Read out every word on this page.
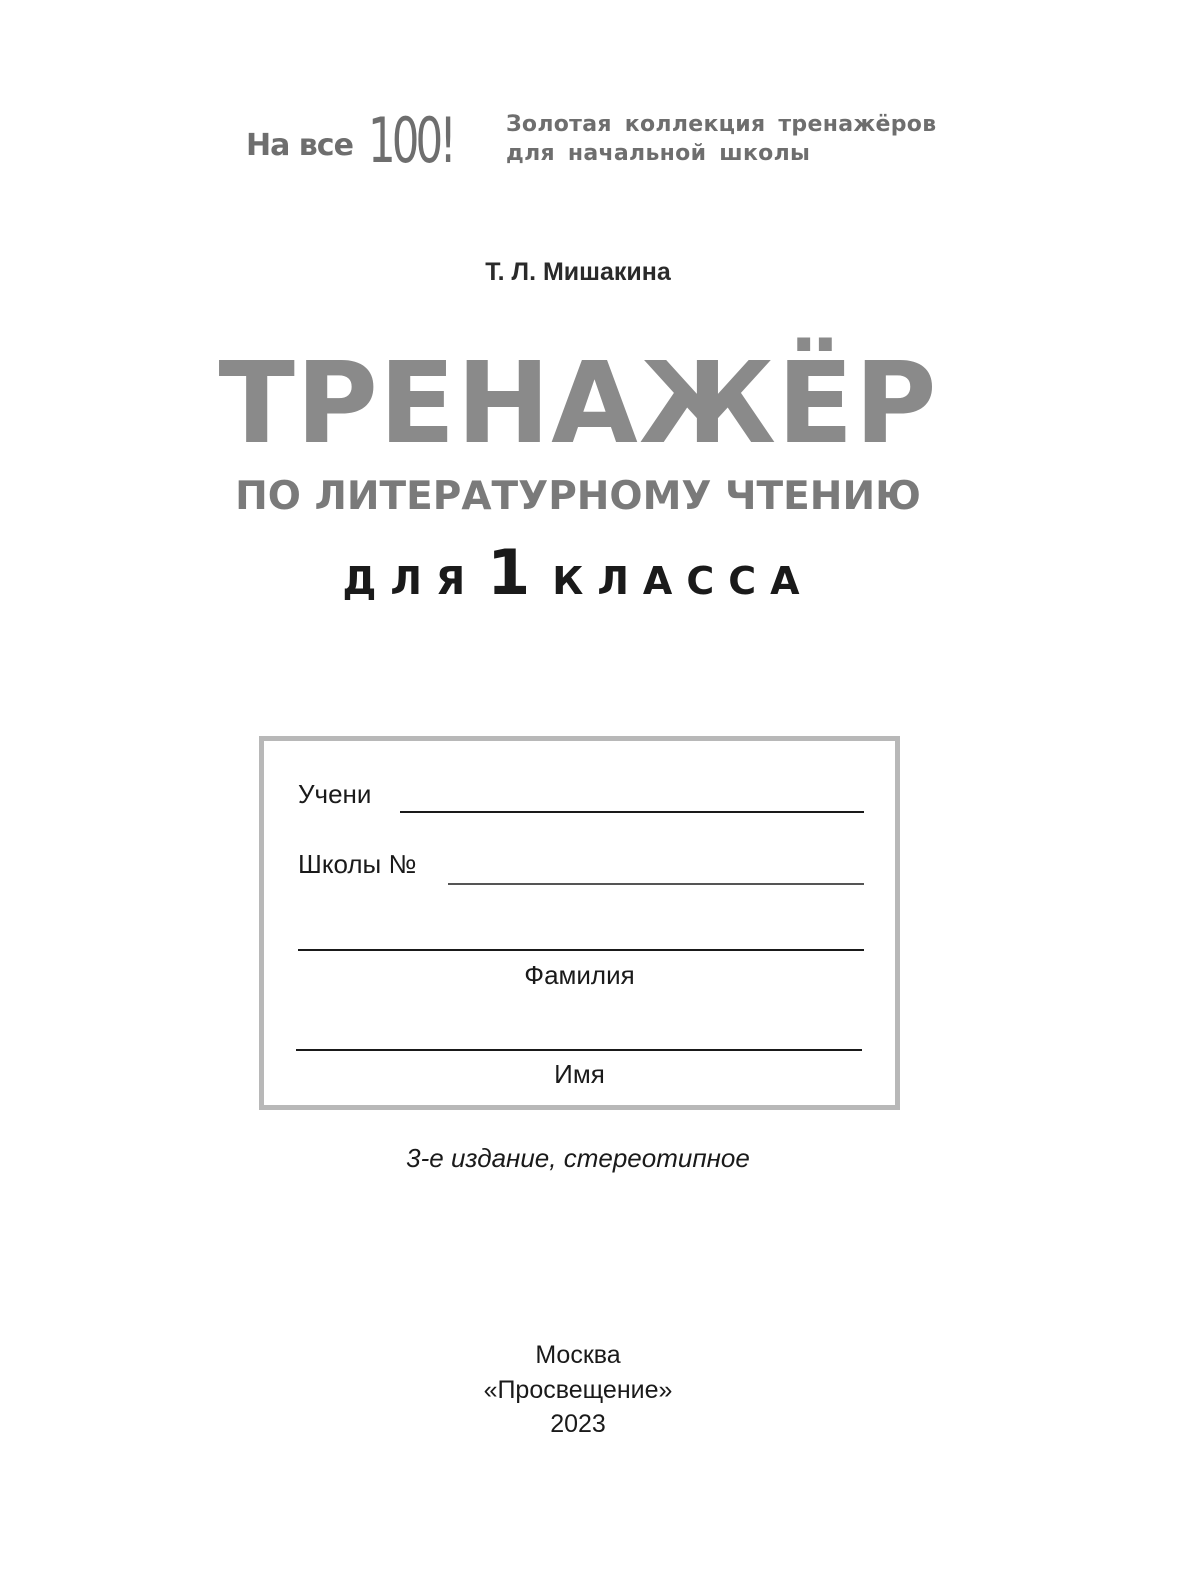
На все 100! Золотая коллекция тренажёров
для начальной школы
Т. Л. Мишакина
ТРЕНАЖЁР
ПО ЛИТЕРАТУРНОМУ ЧТЕНИЮ
ДЛЯ 1 КЛАССА
Учени
Школы №
Фамилия
Имя
3-е издание, стереотипное
Москва
«Просвещение»
2023
